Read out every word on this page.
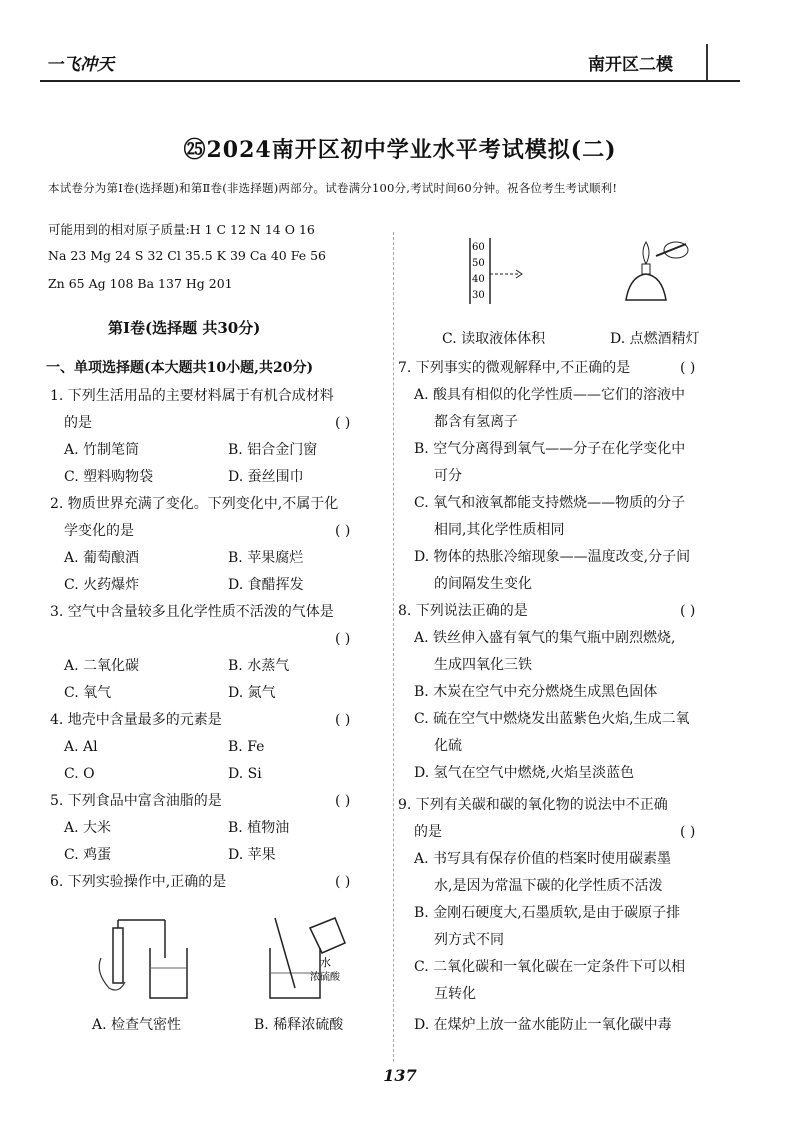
一飞冲天	南开区二模
㉕2024南开区初中学业水平考试模拟(二)
本试卷分为第Ⅰ卷(选择题)和第Ⅱ卷(非选择题)两部分。试卷满分100分,考试时间60分钟。祝各位考生考试顺利!
可能用到的相对原子质量:H 1 C 12 N 14 O 16
Na 23 Mg 24 S 32 Cl 35.5 K 39 Ca 40 Fe 56
Zn 65 Ag 108 Ba 137 Hg 201
第Ⅰ卷(选择题 共30分)
一、单项选择题(本大题共10小题,共20分)
1. 下列生活用品的主要材料属于有机合成材料
的是	( )
A. 竹制笔筒	B. 铝合金门窗
C. 塑料购物袋	D. 蚕丝围巾
2. 物质世界充满了变化。下列变化中,不属于化
学变化的是	( )
A. 葡萄酿酒	B. 苹果腐烂
C. 火药爆炸	D. 食醋挥发
3. 空气中含量较多且化学性质不活泼的气体是
( )
A. 二氧化碳	B. 水蒸气
C. 氧气	D. 氮气
4. 地壳中含量最多的元素是	( )
A. Al	B. Fe
C. O	D. Si
5. 下列食品中富含油脂的是	( )
A. 大米	B. 植物油
C. 鸡蛋	D. 苹果
6. 下列实验操作中,正确的是	( )
水
浓硫酸
A. 检查气密性	B. 稀释浓硫酸
60
50
40
30
C. 读取液体体积	D. 点燃酒精灯
7. 下列事实的微观解释中,不正确的是	( )
A. 酸具有相似的化学性质——它们的溶液中
都含有氢离子
B. 空气分离得到氧气——分子在化学变化中
可分
C. 氧气和液氧都能支持燃烧——物质的分子
相同,其化学性质相同
D. 物体的热胀冷缩现象——温度改变,分子间
的间隔发生变化
8. 下列说法正确的是	( )
A. 铁丝伸入盛有氧气的集气瓶中剧烈燃烧,
生成四氧化三铁
B. 木炭在空气中充分燃烧生成黑色固体
C. 硫在空气中燃烧发出蓝紫色火焰,生成二氧
化硫
D. 氢气在空气中燃烧,火焰呈淡蓝色
9. 下列有关碳和碳的氧化物的说法中不正确
的是	( )
A. 书写具有保存价值的档案时使用碳素墨
水,是因为常温下碳的化学性质不活泼
B. 金刚石硬度大,石墨质软,是由于碳原子排
列方式不同
C. 二氧化碳和一氧化碳在一定条件下可以相
互转化
D. 在煤炉上放一盆水能防止一氧化碳中毒
137
